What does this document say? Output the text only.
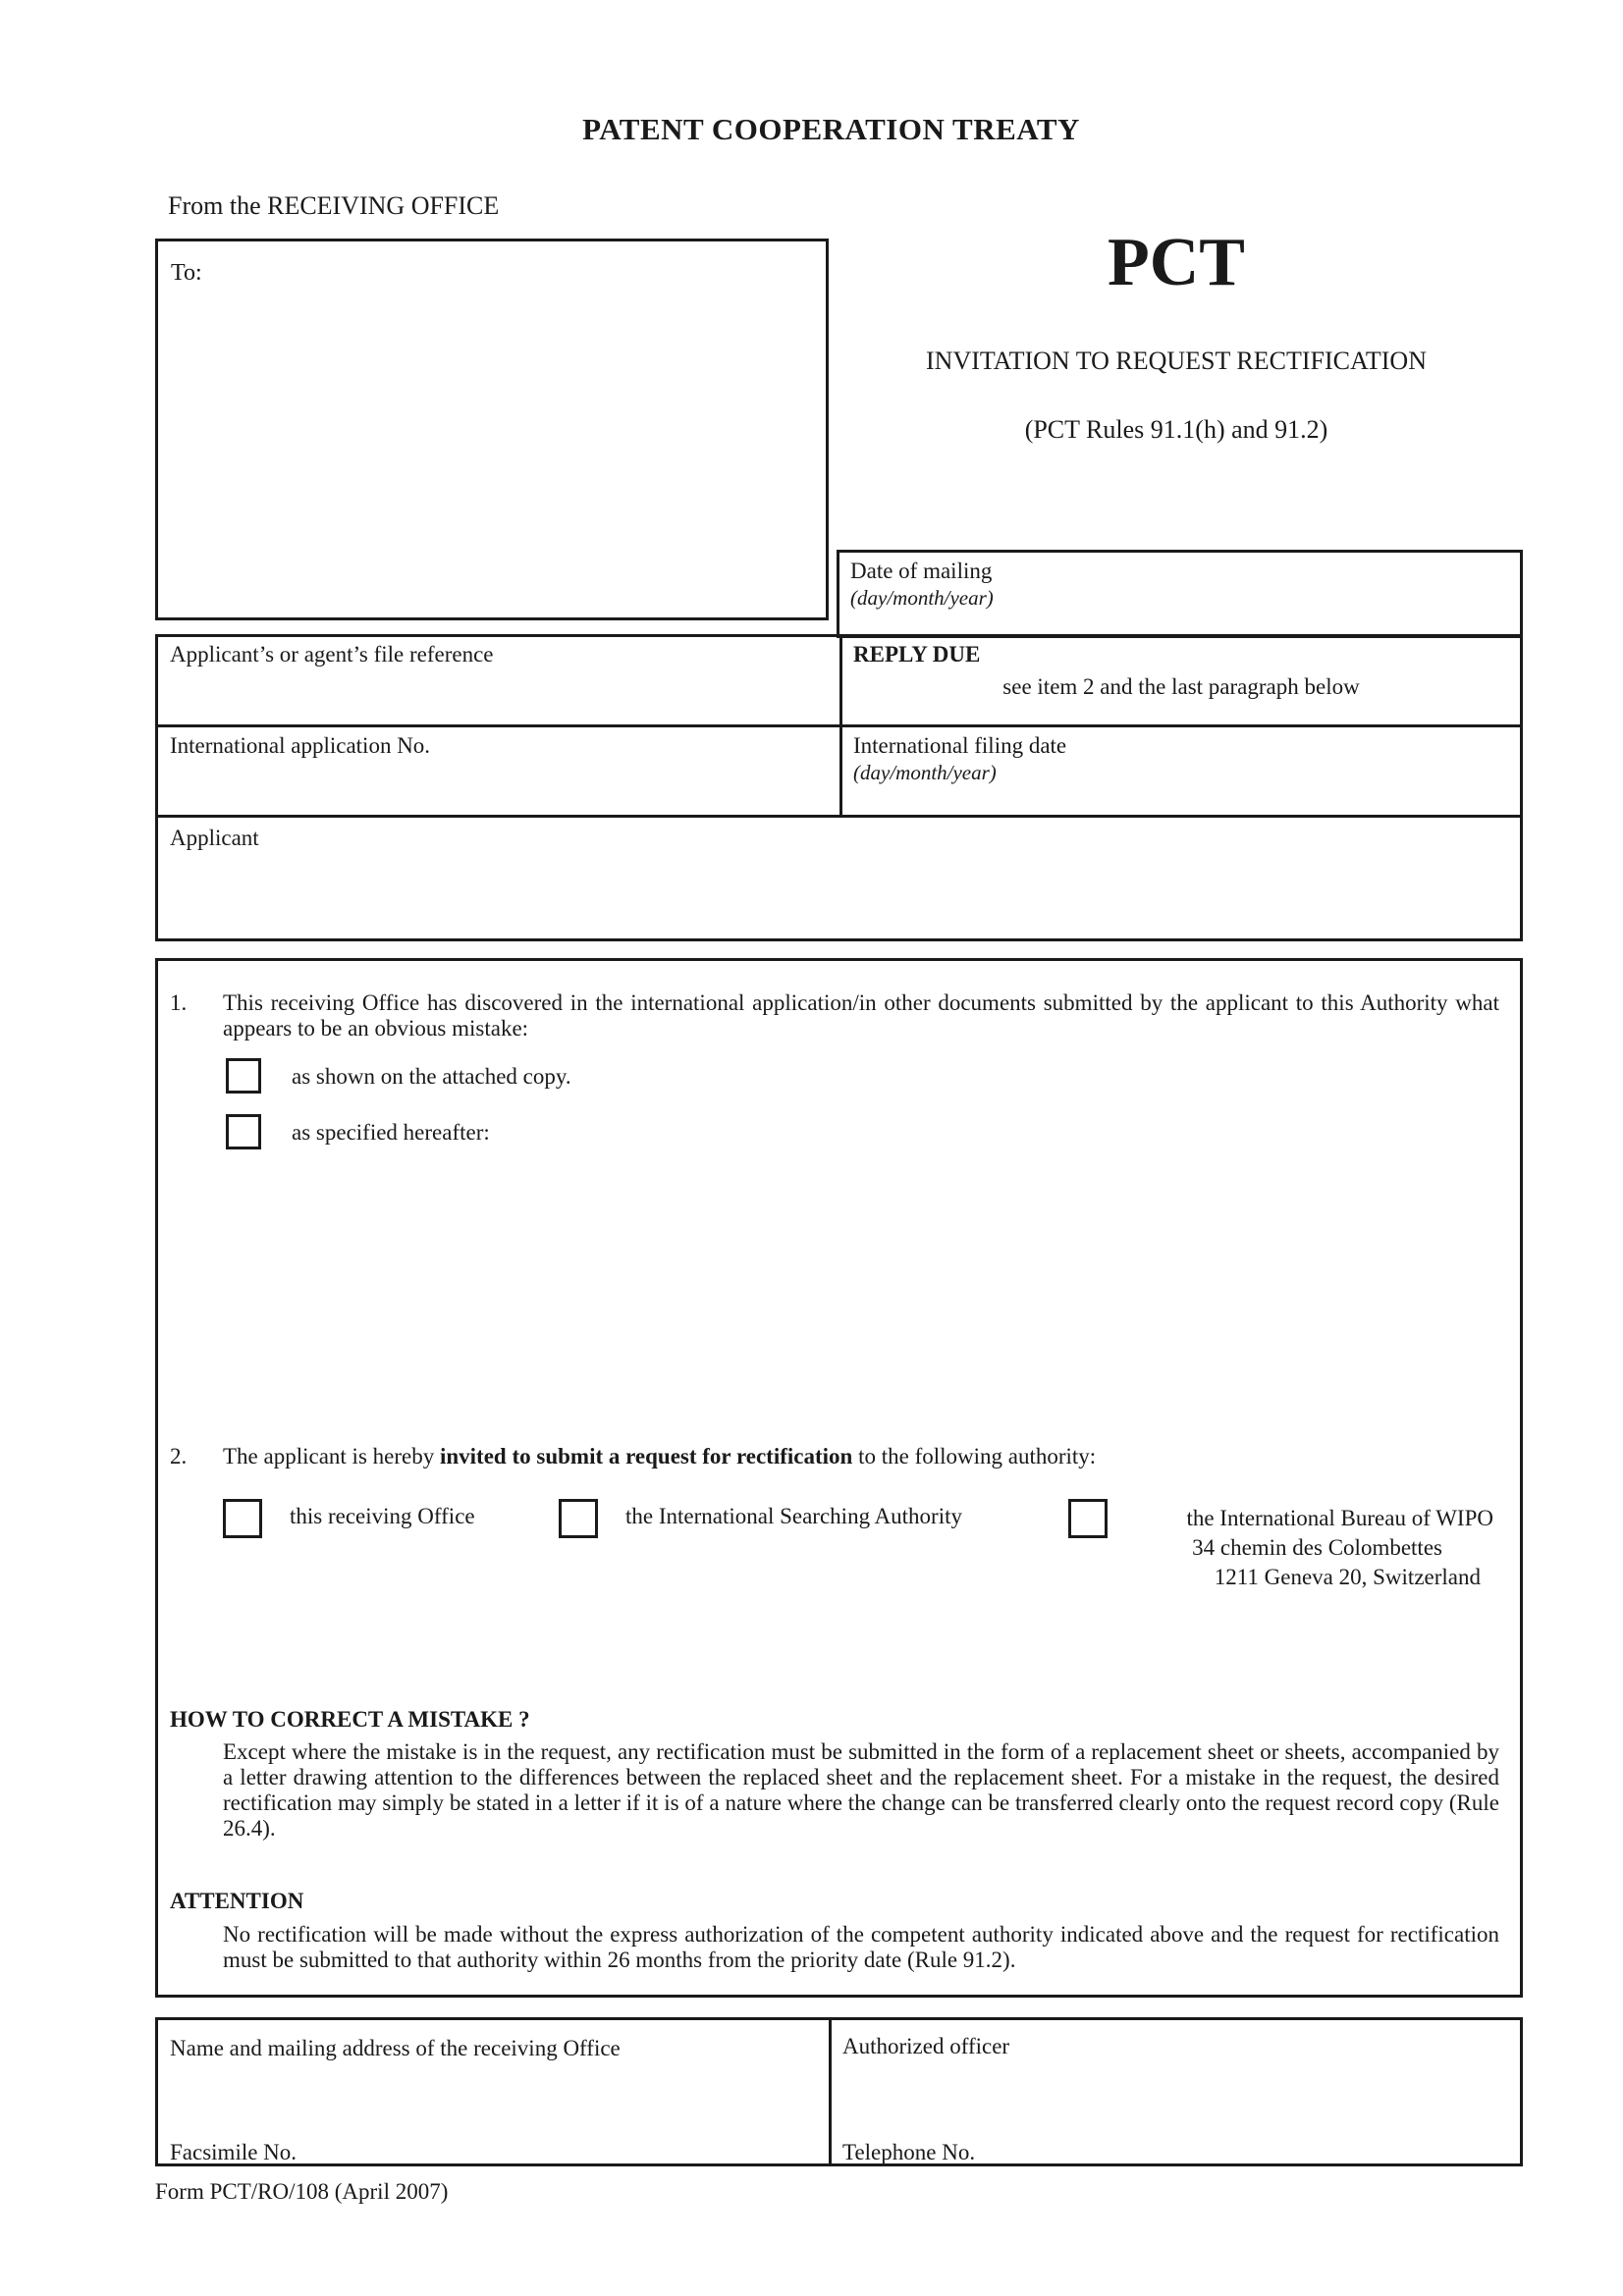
PATENT COOPERATION TREATY
From the RECEIVING OFFICE
To:	PCT
INVITATION TO REQUEST RECTIFICATION
(PCT Rules 91.1(h) and 91.2)
Date of mailing
(day/month/year)
Applicant’s or agent’s file reference	REPLY DUE
see item 2 and the last paragraph below
International application No.	International filing date
(day/month/year)
Applicant
1. This receiving Office has discovered in the international application/in other documents submitted by the applicant to this Authority what appears to be an obvious mistake:
as shown on the attached copy.
as specified hereafter:
2. The applicant is hereby invited to submit a request for rectification to the following authority:
this receiving Office	the International Searching Authority	the International Bureau of WIPO
34 chemin des Colombettes
1211 Geneva 20, Switzerland
HOW TO CORRECT A MISTAKE ?
Except where the mistake is in the request, any rectification must be submitted in the form of a replacement sheet or sheets, accompanied by a letter drawing attention to the differences between the replaced sheet and the replacement sheet. For a mistake in the request, the desired rectification may simply be stated in a letter if it is of a nature where the change can be transferred clearly onto the request record copy (Rule 26.4).
ATTENTION
No rectification will be made without the express authorization of the competent authority indicated above and the request for rectification must be submitted to that authority within 26 months from the priority date (Rule 91.2).
Name and mailing address of the receiving Office
Facsimile No.
Authorized officer
Telephone No.
Form PCT/RO/108 (April 2007)
